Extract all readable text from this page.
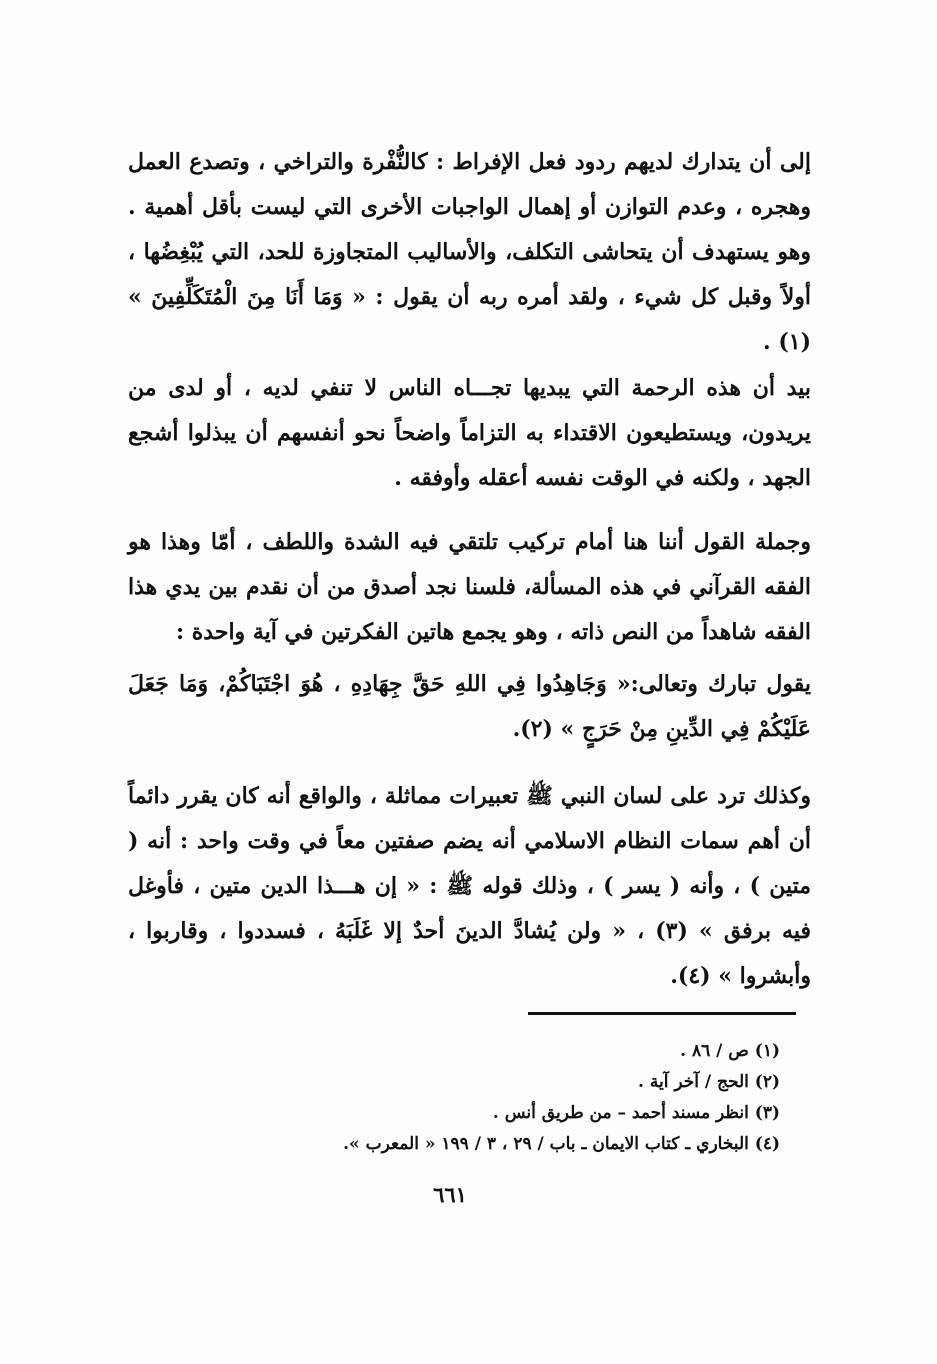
إلى أن يتدارك لديهم ردود فعل الإفراط : كالنُّفْرة والتراخي ، وتصدع العمل وهجره ، وعدم التوازن أو إهمال الواجبات الأخرى التي ليست بأقل أهمية . وهو يستهدف أن يتحاشى التكلف، والأساليب المتجاوزة للحد، التي يُبْغِضُها ، أولاً وقبل كل شيء ، ولقد أمره ربه أن يقول : « وَمَا أَنَا مِنَ الْمُتَكَلِّفِينَ » (١) .

بيد أن هذه الرحمة التي يبديها تجـــاه الناس لا تنفي لديه ، أو لدى من يريدون، ويستطيعون الاقتداء به التزاماً واضحاً نحو أنفسهم أن يبذلوا أشجع الجهد ، ولكنه في الوقت نفسه أعقله وأوفقه .

وجملة القول أننا هنا أمام تركيب تلتقي فيه الشدة واللطف ، أمّا وهذا هو الفقه القرآني في هذه المسألة، فلسنا نجد أصدق من أن نقدم بين يدي هذا الفقه شاهداً من النص ذاته ، وهو يجمع هاتين الفكرتين في آية واحدة :

يقول تبارك وتعالى:« وَجَاهِدُوا فِي اللهِ حَقَّ جِهَادِهِ ، هُوَ اجْتَبَاكُمْ، وَمَا جَعَلَ عَلَيْكُمْ فِي الدِّينِ مِنْ حَرَجٍ » (٢).

وكذلك ترد على لسان النبي ﷺ تعبيرات مماثلة ، والواقع أنه كان يقرر دائماً أن أهم سمات النظام الاسلامي أنه يضم صفتين معاً في وقت واحد : أنه ( متين ) ، وأنه ( يسر ) ، وذلك قوله ﷺ : « إن هـــذا الدين متين ، فأوغل فيه برفق » (٣) ، « ولن يُشادَّ الدينَ أحدٌ إلا غَلَبَهُ ، فسددوا ، وقاربوا ، وأبشروا » (٤).

(١) ص / ٨٦ .
(٢) الحج / آخر آية .
(٣) انظر مسند أحمد – من طريق أنس .
(٤) البخاري ـ كتاب الايمان ـ باب / ٢٩ ، ٣ / ١٩٩ « المعرب ».
٦٦١
